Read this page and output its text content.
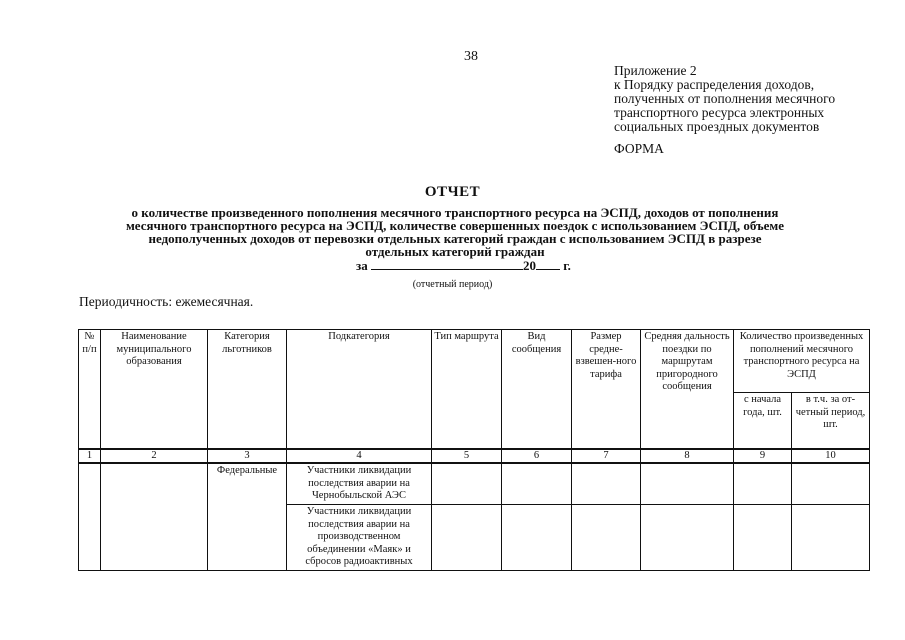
38
Приложение 2
к Порядку распределения доходов,
полученных от пополнения месячного
транспортного ресурса электронных
социальных проездных документов
ФОРМА
ОТЧЕТ
о количестве произведенного пополнения месячного транспортного ресурса на ЭСПД, доходов от пополнения
месячного транспортного ресурса на ЭСПД, количестве совершенных поездок с использованием ЭСПД, объеме
недополученных доходов от перевозки отдельных категорий граждан с использованием ЭСПД в разрезе
отдельных категорий граждан
за	20 г.
(отчетный период)
Периодичность: ежемесячная.
№ п/п	Наименование муниципального образования	Категория льготников	Подкатегория	Тип маршрута	Вид сообщения	Размер средне-взвешен-ного тарифа	Средняя дальность поездки по маршрутам пригородного сообщения	Количество произведенных пополнений месячного транспортного ресурса на ЭСПД	
								с начала года, шт.	в т.ч. за от-четный период, шт.
1	2	3	4	5	6	7	8	9	10
		Федеральные	Участники ликвидации последствия аварии на Чернобыльской АЭС						
			Участники ликвидации последствия аварии на производственном объединении «Маяк» и сбросов радиоактивных						
